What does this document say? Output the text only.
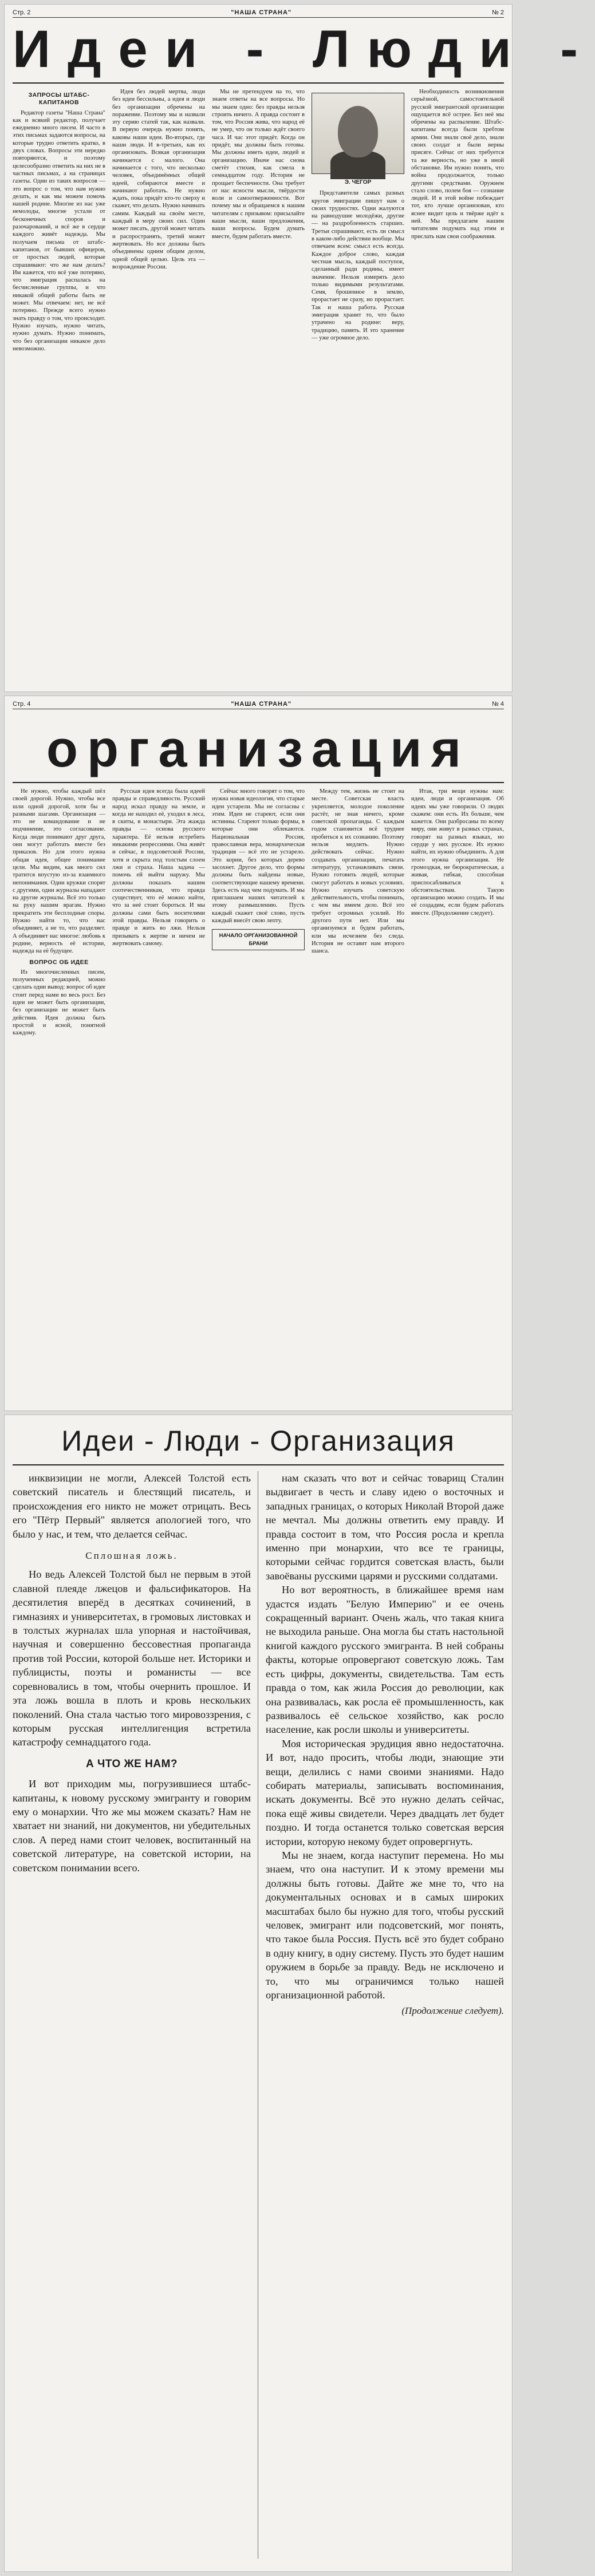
Стр. 2	"НАША СТРАНА"	№ 2
Идеи - Люди -
ЗАПРОСЫ ШТАБС-КАПИТАНОВ

Редактор газеты "Наша Страна" как и всякий редактор, получает ежедневно много писем. И часто в этих письмах задаются вопросы, на которые трудно ответить кратко, в двух словах. Вопросы эти нередко повторяются, и поэтому целесообразно ответить на них не в частных письмах, а на страницах газеты. Один из таких вопросов — это вопрос о том, что нам нужно делать, и как мы можем помочь нашей родине. Многие из нас уже немолоды, многие устали от бесконечных споров и разочарований, и всё же в сердце каждого живёт надежда. Мы получаем письма от штабс-капитанов, от бывших офицеров, от простых людей, которые спрашивают: что же нам делать? Им кажется, что всё уже потеряно, что эмиграция распалась на бесчисленные группы, и что никакой общей работы быть не может. Мы отвечаем: нет, не всё потеряно. Прежде всего нужно знать правду о том, что происходит. Нужно изучать, нужно читать, нужно думать. Нужно понимать, что без организации никакое дело невозможно.

Идея без людей мертва, люди без идеи бессильны, а идея и люди без организации обречены на поражение. Поэтому мы и назвали эту серию статей так, как назвали. В первую очередь нужно понять, каковы наши идеи. Во-вторых, где наши люди. И в-третьих, как их организовать. Всякая организация начинается с малого. Она начинается с того, что несколько человек, объединённых общей идеей, собираются вместе и начинают работать. Не нужно ждать, пока придёт кто-то сверху и скажет, что делать. Нужно начинать самим. Каждый на своём месте, каждый в меру своих сил. Один может писать, другой может читать и распространять, третий может жертвовать. Но все должны быть объединены одним общим делом, одной общей целью. Цель эта — возрождение России.

Мы не претендуем на то, что знаем ответы на все вопросы. Но мы знаем одно: без правды нельзя строить ничего. А правда состоит в том, что Россия жива, что народ её не умер, что он только ждёт своего часа. И час этот придёт. Когда он придёт, мы должны быть готовы. Мы должны иметь идеи, людей и организацию. Иначе нас снова сметёт стихия, как смела в семнадцатом году. История не прощает беспечности. Она требует от нас ясности мысли, твёрдости воли и самоотверженности. Вот почему мы и обращаемся к нашим читателям с призывом: присылайте ваши мысли, ваши предложения, ваши вопросы. Будем думать вместе, будем работать вместе.

Э. ЧЕГОР

Представители самых разных кругов эмиграции пишут нам о своих трудностях. Одни жалуются на равнодушие молодёжи, другие — на раздробленность старших. Третьи спрашивают, есть ли смысл в каком-либо действии вообще. Мы отвечаем всем: смысл есть всегда. Каждое доброе слово, каждая честная мысль, каждый поступок, сделанный ради родины, имеет значение. Нельзя измерять дело только видимыми результатами. Семя, брошенное в землю, прорастает не сразу, но прорастает. Так и наша работа. Русская эмиграция хранит то, что было утрачено на родине: веру, традицию, память. И это хранение — уже огромное дело.

Необходимость возникновения серьёзной, самостоятельной русской эмигрантской организации ощущается всё острее. Без неё мы обречены на распыление. Штабс-капитаны всегда были хребтом армии. Они знали своё дело, знали своих солдат и были верны присяге. Сейчас от них требуется та же верность, но уже в иной обстановке. Им нужно понять, что война продолжается, только другими средствами. Оружием стало слово, полем боя — сознание людей. И в этой войне побеждает тот, кто лучше организован, кто яснее видит цель и твёрже идёт к ней. Мы предлагаем нашим читателям подумать над этим и прислать нам свои соображения.

Стр. 4	"НАША СТРАНА"	№ 4
организация

Не нужно, чтобы каждый шёл своей дорогой. Нужно, чтобы все шли одной дорогой, хотя бы и разными шагами. Организация — это не командование и не подчинение, это согласование. Когда люди понимают друг друга, они могут работать вместе без приказов. Но для этого нужна общая идея, общее понимание цели. Мы видим, как много сил тратится впустую из-за взаимного непонимания. Одни кружки спорят с другими, одни журналы нападают на другие журналы. Всё это только на руку нашим врагам. Нужно прекратить эти бесплодные споры. Нужно найти то, что нас объединяет, а не то, что разделяет. А объединяет нас многое: любовь к родине, верность её истории, надежда на её будущее.

ВОПРОС ОБ ИДЕЕ

Из многочисленных писем, полученных редакцией, можно сделать один вывод: вопрос об идее стоит перед нами во весь рост. Без идеи не может быть организации, без организации не может быть действия. Идея должна быть простой и ясной, понятной каждому.

Русская идея всегда была идеей правды и справедливости. Русский народ искал правду на земле, и когда не находил её, уходил в леса, в скиты, в монастыри. Эта жажда правды — основа русского характера. Её нельзя истребить никакими репрессиями. Она живёт и сейчас, в подсоветской России, хотя и скрыта под толстым слоем лжи и страха. Наша задача — помочь ей выйти наружу. Мы должны показать нашим соотечественникам, что правда существует, что её можно найти, что за неё стоит бороться. И мы должны сами быть носителями этой правды. Нельзя говорить о правде и жить во лжи. Нельзя призывать к жертве и ничем не жертвовать самому.

Сейчас много говорят о том, что нужна новая идеология, что старые идеи устарели. Мы не согласны с этим. Идеи не стареют, если они истинны. Стареют только формы, в которые они облекаются. Национальная Россия, православная вера, монархическая традиция — всё это не устарело. Это корни, без которых дерево засохнет. Другое дело, что формы должны быть найдены новые, соответствующие нашему времени. Здесь есть над чем подумать. И мы приглашаем наших читателей к этому размышлению. Пусть каждый скажет своё слово, пусть каждый внесёт свою лепту.

НАЧАЛО ОРГАНИЗОВАННОЙ БРАНИ

Между тем, жизнь не стоит на месте. Советская власть укрепляется, молодое поколение растёт, не зная ничего, кроме советской пропаганды. С каждым годом становится всё труднее пробиться к их сознанию. Поэтому нельзя медлить. Нужно действовать сейчас. Нужно создавать организации, печатать литературу, устанавливать связи. Нужно готовить людей, которые смогут работать в новых условиях. Нужно изучать советскую действительность, чтобы понимать, с чем мы имеем дело. Всё это требует огромных усилий. Но другого пути нет. Или мы организуемся и будем работать, или мы исчезнем без следа. История не оставит нам второго шанса.

Итак, три вещи нужны нам: идеи, люди и организация. Об идеях мы уже говорили. О людях скажем: они есть. Их больше, чем кажется. Они разбросаны по всему миру, они живут в разных странах, говорят на разных языках, но сердце у них русское. Их нужно найти, их нужно объединить. А для этого нужна организация. Не громоздкая, не бюрократическая, а живая, гибкая, способная приспосабливаться к обстоятельствам. Такую организацию можно создать. И мы её создадим, если будем работать вместе. (Продолжение следует).

Идеи - Люди - Организация

инквизиции не могли, Алексей Толстой есть советский писатель и блестящий писатель, и происхождения его никто не может отрицать. Весь его "Пётр Первый" является апологией того, что было у нас, и тем, что делается сейчас.

Сплошная ложь.

Но ведь Алексей Толстой был не первым в этой славной плеяде лжецов и фальсификаторов. На десятилетия вперёд в десятках сочинений, в гимназиях и университетах, в громовых листовках и в толстых журналах шла упорная и настойчивая, научная и совершенно бессовестная пропаганда против той России, которой больше нет. Историки и публицисты, поэты и романисты — все соревновались в том, чтобы очернить прошлое. И эта ложь вошла в плоть и кровь нескольких поколений. Она стала частью того мировоззрения, с которым русская интеллигенция встретила катастрофу семнадцатого года.

А ЧТО ЖЕ НАМ?

И вот приходим мы, погрузившиеся штабс-капитаны, к новому русскому эмигранту и говорим ему о монархии. Что же мы можем сказать? Нам не хватает ни знаний, ни документов, ни убедительных слов. А перед нами стоит человек, воспитанный на советской литературе, на советской истории, на советском понимании всего.

нам сказать что вот и сейчас товарищ Сталин выдвигает в честь и славу идею о восточных и западных границах, о которых Николай Второй даже не мечтал. Мы должны ответить ему правду. И правда состоит в том, что Россия росла и крепла именно при монархии, что все те границы, которыми сейчас гордится советская власть, были завоёваны русскими царями и русскими солдатами.

Но вот вероятность, в ближайшее время нам удастся издать "Белую Империю" и ее очень сокращенный вариант. Очень жаль, что такая книга не выходила раньше. Она могла бы стать настольной книгой каждого русского эмигранта. В ней собраны факты, которые опровергают советскую ложь. Там есть цифры, документы, свидетельства. Там есть правда о том, как жила Россия до революции, как она развивалась, как росла её промышленность, как развивалось её сельское хозяйство, как росло население, как росли школы и университеты.

Моя историческая эрудиция явно недостаточна. И вот, надо просить, чтобы люди, знающие эти вещи, делились с нами своими знаниями. Надо собирать материалы, записывать воспоминания, искать документы. Всё это нужно делать сейчас, пока ещё живы свидетели. Через двадцать лет будет поздно. И тогда останется только советская версия истории, которую некому будет опровергнуть.

Мы не знаем, когда наступит перемена. Но мы знаем, что она наступит. И к этому времени мы должны быть готовы. Дайте же мне то, что на документальных основах и в самых широких масштабах было бы нужно для того, чтобы русский человек, эмигрант или подсоветский, мог понять, что такое была Россия. Пусть всё это будет собрано в одну книгу, в одну систему. Пусть это будет нашим оружием в борьбе за правду. Ведь не исключено и то, что мы ограничимся только нашей организационной работой.

(Продолжение следует).
